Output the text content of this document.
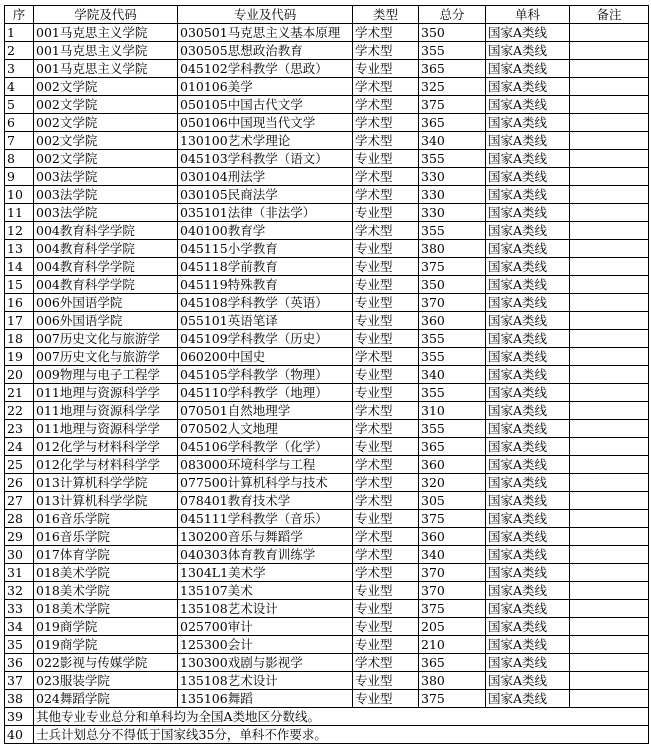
序	学院及代码	专业及代码	类型	总分	单科	备注
1	001马克思主义学院	030501马克思主义基本原理	学术型	350	国家A类线	
2	001马克思主义学院	030505思想政治教育	学术型	355	国家A类线	
3	001马克思主义学院	045102学科教学（思政）	专业型	365	国家A类线	
4	002文学院	010106美学	学术型	325	国家A类线	
5	002文学院	050105中国古代文学	学术型	375	国家A类线	
6	002文学院	050106中国现当代文学	学术型	365	国家A类线	
7	002文学院	130100艺术学理论	学术型	340	国家A类线	
8	002文学院	045103学科教学（语文）	专业型	355	国家A类线	
9	003法学院	030104刑法学	学术型	330	国家A类线	
10	003法学院	030105民商法学	学术型	330	国家A类线	
11	003法学院	035101法律（非法学）	专业型	330	国家A类线	
12	004教育科学学院	040100教育学	学术型	355	国家A类线	
13	004教育科学学院	045115小学教育	专业型	380	国家A类线	
14	004教育科学学院	045118学前教育	专业型	375	国家A类线	
15	004教育科学学院	045119特殊教育	专业型	350	国家A类线	
16	006外国语学院	045108学科教学（英语）	专业型	370	国家A类线	
17	006外国语学院	055101英语笔译	专业型	360	国家A类线	
18	007历史文化与旅游学	045109学科教学（历史）	专业型	355	国家A类线	
19	007历史文化与旅游学	060200中国史	学术型	355	国家A类线	
20	009物理与电子工程学	045105学科教学（物理）	专业型	340	国家A类线	
21	011地理与资源科学学	045110学科教学（地理）	专业型	355	国家A类线	
22	011地理与资源科学学	070501自然地理学	学术型	310	国家A类线	
23	011地理与资源科学学	070502人文地理	学术型	355	国家A类线	
24	012化学与材料科学学	045106学科教学（化学）	专业型	365	国家A类线	
25	012化学与材料科学学	083000环境科学与工程	学术型	360	国家A类线	
26	013计算机科学学院	077500计算机科学与技术	学术型	320	国家A类线	
27	013计算机科学学院	078401教育技术学	学术型	305	国家A类线	
28	016音乐学院	045111学科教学（音乐）	专业型	375	国家A类线	
29	016音乐学院	130200音乐与舞蹈学	学术型	360	国家A类线	
30	017体育学院	040303体育教育训练学	学术型	340	国家A类线	
31	018美术学院	1304L1美术学	学术型	370	国家A类线	
32	018美术学院	135107美术	专业型	370	国家A类线	
33	018美术学院	135108艺术设计	专业型	375	国家A类线	
34	019商学院	025700审计	专业型	205	国家A类线	
35	019商学院	125300会计	专业型	210	国家A类线	
36	022影视与传媒学院	130300戏剧与影视学	学术型	365	国家A类线	
37	023服装学院	135108艺术设计	专业型	380	国家A类线	
38	024舞蹈学院	135106舞蹈	专业型	375	国家A类线	
39	其他专业专业总分和单科均为全国A类地区分数线。					
40	士兵计划总分不得低于国家线35分，单科不作要求。					
